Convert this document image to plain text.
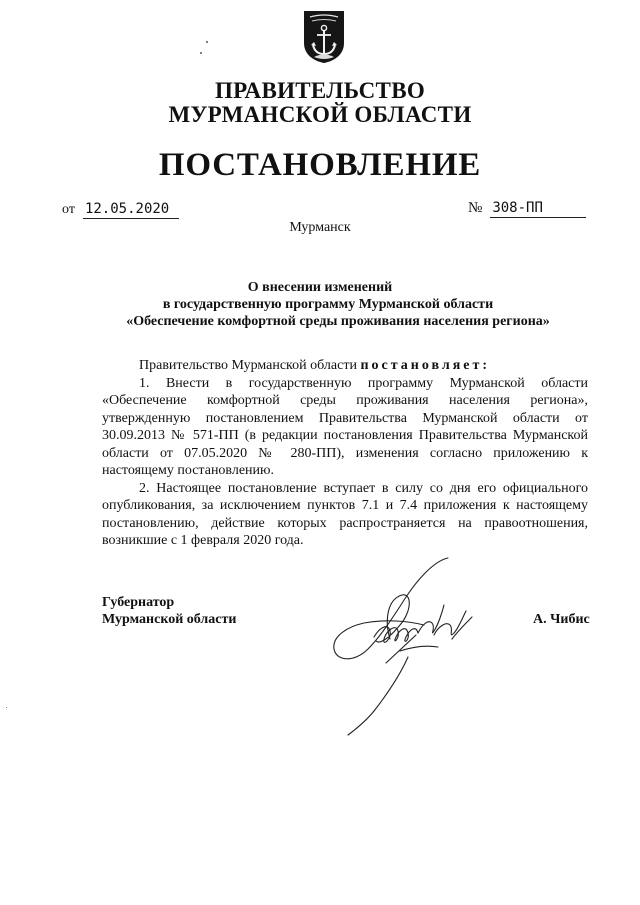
ПРАВИТЕЛЬСТВО
МУРМАНСКОЙ ОБЛАСТИ
ПОСТАНОВЛЕНИЕ
от 12.05.2020	№ 308-ПП
Мурманск
О внесении изменений
в государственную программу Мурманской области
«Обеспечение комфортной среды проживания населения региона»

Правительство Мурманской области постановляет:

1. Внести в государственную программу Мурманской области «Обеспечение комфортной среды проживания населения региона», утвержденную постановлением Правительства Мурманской области от 30.09.2013 № 571-ПП (в редакции постановления Правительства Мурманской области от 07.05.2020 № 280-ПП), изменения согласно приложению к настоящему постановлению.

2. Настоящее постановление вступает в силу со дня его официального опубликования, за исключением пунктов 7.1 и 7.4 приложения к настоящему постановлению, действие которых распространяется на правоотношения, возникшие с 1 февраля 2020 года.

Губернатор
Мурманской области	А. Чибис
